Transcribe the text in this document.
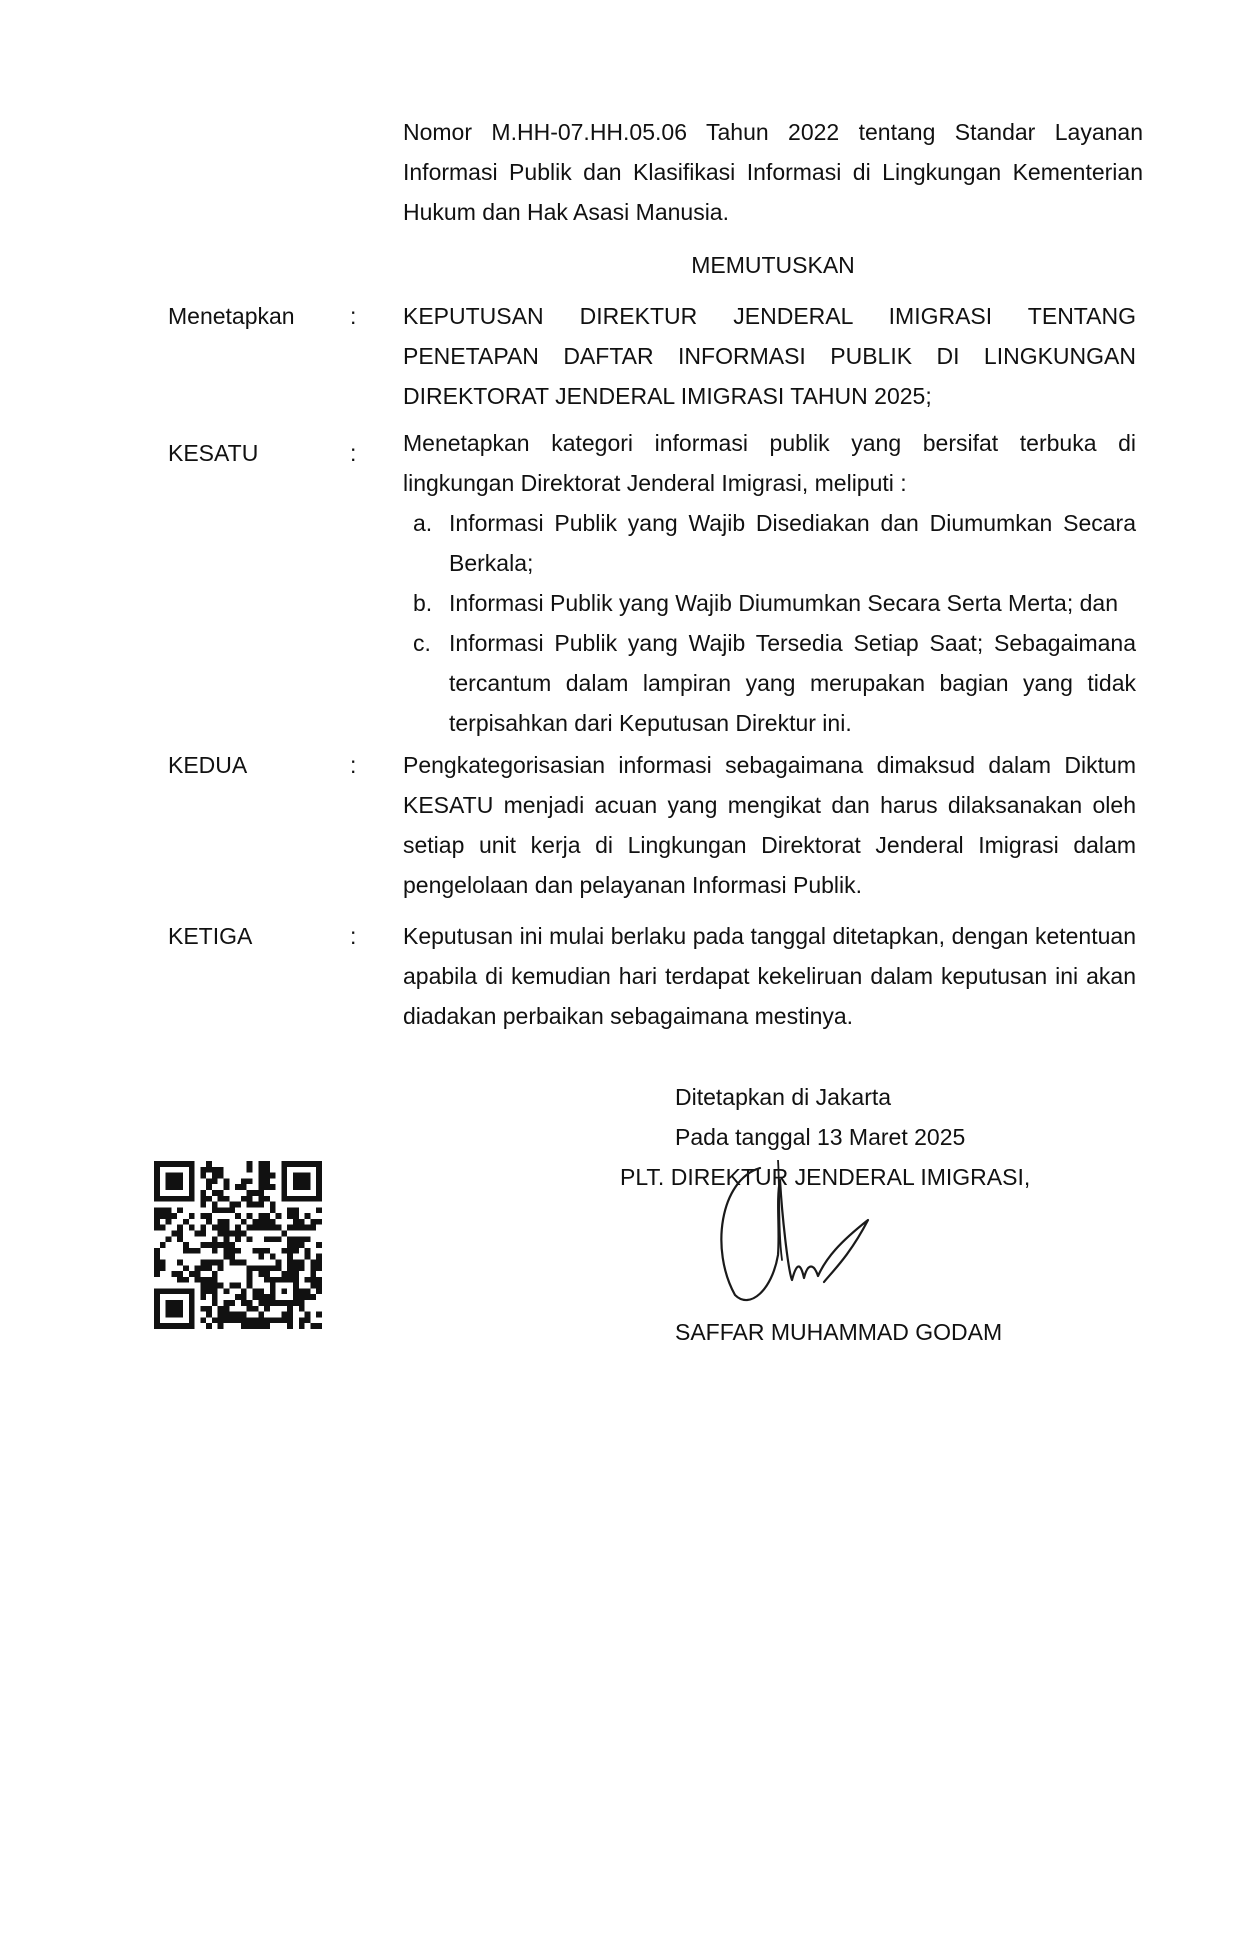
Nomor M.HH-07.HH.05.06 Tahun 2022 tentang Standar Layanan Informasi Publik dan Klasifikasi Informasi di Lingkungan Kementerian Hukum dan Hak Asasi Manusia.
MEMUTUSKAN
Menetapkan : KEPUTUSAN DIREKTUR JENDERAL IMIGRASI TENTANG PENETAPAN DAFTAR INFORMASI PUBLIK DI LINGKUNGAN DIREKTORAT JENDERAL IMIGRASI TAHUN 2025;
KESATU	: Menetapkan kategori informasi publik yang bersifat terbuka di lingkungan Direktorat Jenderal Imigrasi, meliputi :

a. Informasi Publik yang Wajib Disediakan dan Diumumkan Secara Berkala;
b. Informasi Publik yang Wajib Diumumkan Secara Serta Merta; dan
c. Informasi Publik yang Wajib Tersedia Setiap Saat; Sebagaimana tercantum dalam lampiran yang merupakan bagian yang tidak terpisahkan dari Keputusan Direktur ini.
KEDUA	: Pengkategorisasian informasi sebagaimana dimaksud dalam Diktum KESATU menjadi acuan yang mengikat dan harus dilaksanakan oleh setiap unit kerja di Lingkungan Direktorat Jenderal Imigrasi dalam pengelolaan dan pelayanan Informasi Publik.
KETIGA	: Keputusan ini mulai berlaku pada tanggal ditetapkan, dengan ketentuan apabila di kemudian hari terdapat kekeliruan dalam keputusan ini akan diadakan perbaikan sebagaimana mestinya.
Ditetapkan di Jakarta
Pada tanggal 13 Maret 2025
PLT. DIREKTUR JENDERAL IMIGRASI,
SAFFAR MUHAMMAD GODAM
